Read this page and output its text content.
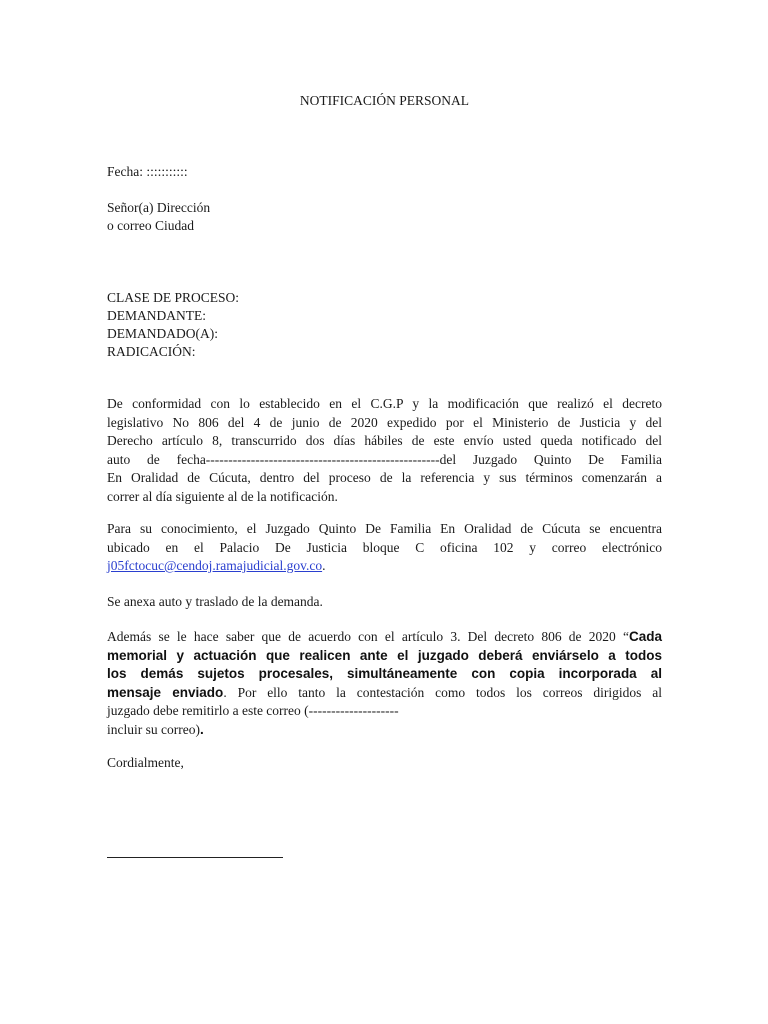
NOTIFICACIÓN PERSONAL
Fecha: :::::::::::
Señor(a) Dirección
o correo Ciudad
CLASE DE PROCESO:
DEMANDANTE:
DEMANDADO(A):
RADICACIÓN:
De conformidad con lo establecido en el C.G.P y la modificación que realizó el decreto
legislativo No 806 del 4 de junio de 2020 expedido por el Ministerio de Justicia y del
Derecho artículo 8, transcurrido dos días hábiles de este envío usted queda notificado del
auto de fecha----------------------------------------------------del Juzgado Quinto De Familia
En Oralidad de Cúcuta, dentro del proceso de la referencia y sus términos comenzarán a
correr al día siguiente al de la notificación.
Para su conocimiento, el Juzgado Quinto De Familia En Oralidad de Cúcuta se encuentra
ubicado en el Palacio De Justicia bloque C oficina 102 y correo electrónico
j05fctocuc@cendoj.ramajudicial.gov.co.
Se anexa auto y traslado de la demanda.
Además se le hace saber que de acuerdo con el artículo 3. Del decreto 806 de 2020 “Cada
memorial y actuación que realicen ante el juzgado deberá enviárselo a todos
los demás sujetos procesales, simultáneamente con copia incorporada al
mensaje enviado. Por ello tanto la contestación como todos los correos dirigidos al
juzgado debe remitirlo a este correo (--------------------
incluir su correo).
Cordialmente,
